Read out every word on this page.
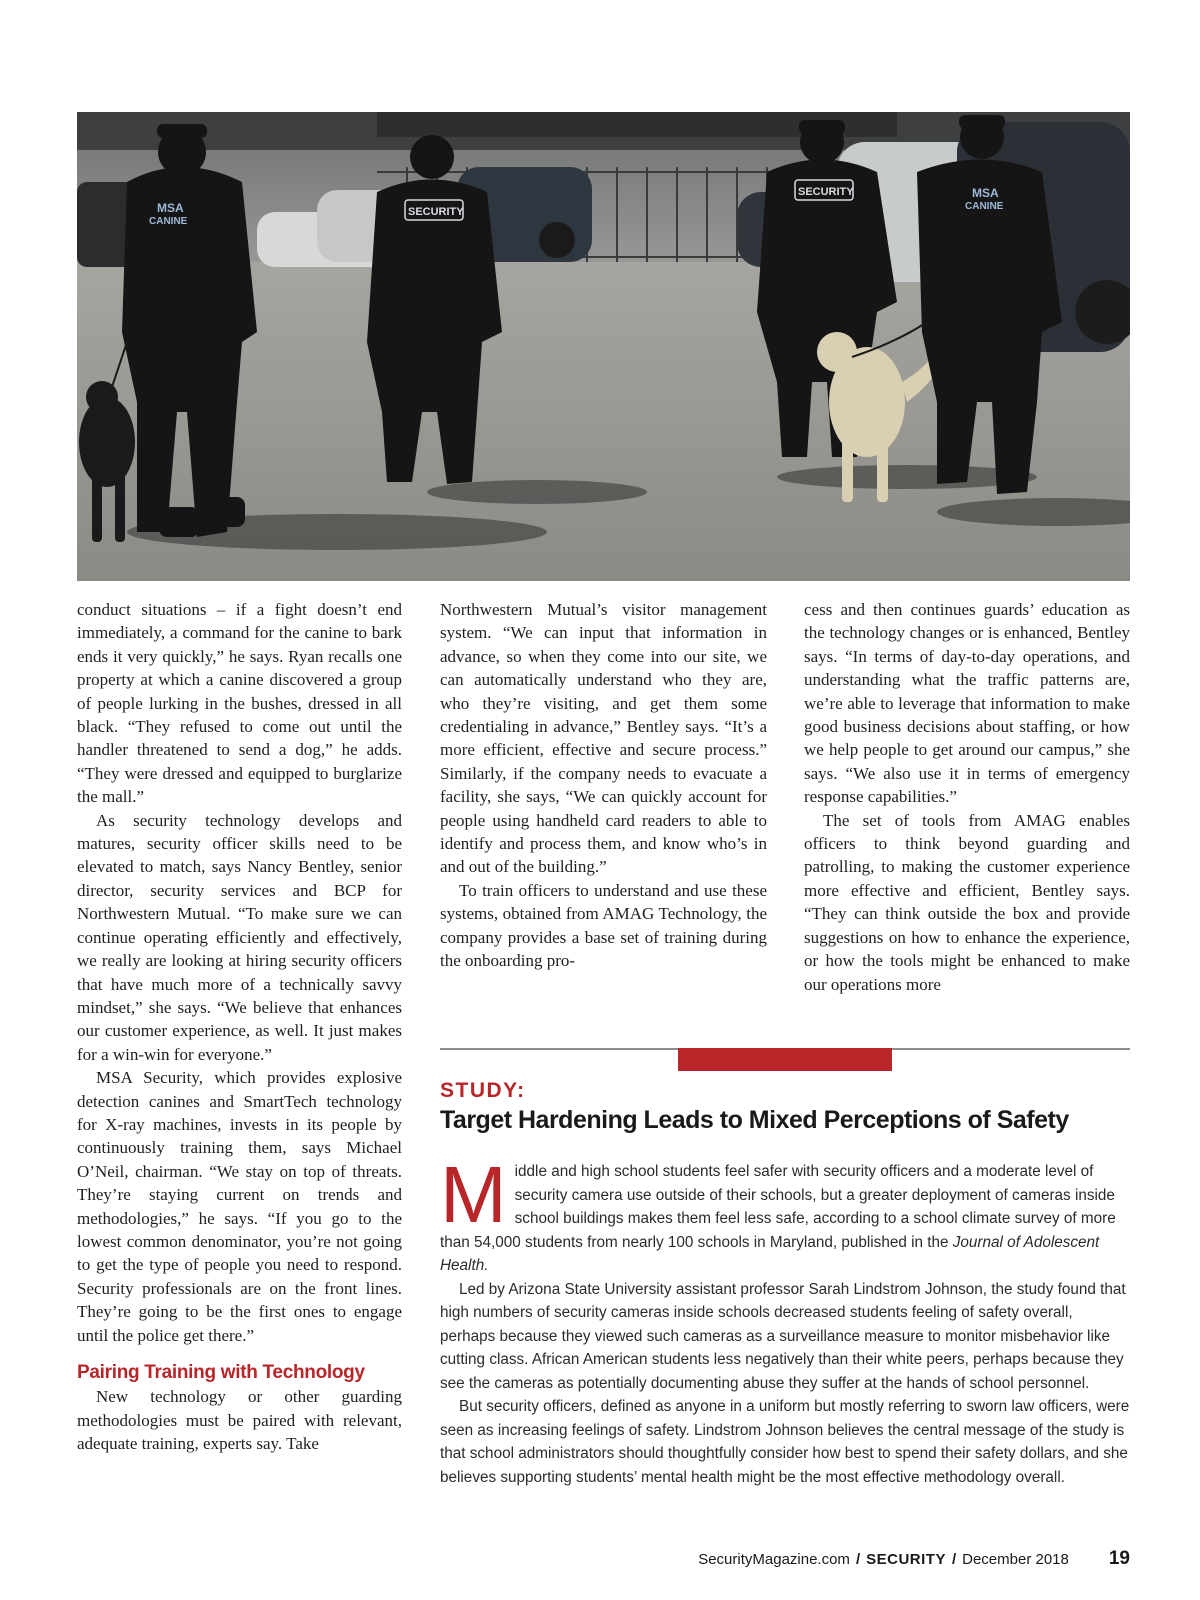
MSA
CANINE
SECURITY
SECURITY	MSA
CANINE

conduct situations – if a fight doesn’t end immediately, a command for the canine to bark ends it very quickly,” he says. Ryan recalls one property at which a canine discovered a group of people lurking in the bushes, dressed in all black. “They refused to come out until the handler threatened to send a dog,” he adds. “They were dressed and equipped to burglarize the mall.”

As security technology develops and matures, security officer skills need to be elevated to match, says Nancy Bentley, senior director, security services and BCP for Northwestern Mutual. “To make sure we can continue operating efficiently and effectively, we really are looking at hiring security officers that have much more of a technically savvy mindset,” she says. “We believe that enhances our customer experience, as well. It just makes for a win-win for everyone.”

MSA Security, which provides explosive detection canines and SmartTech technology for X-ray machines, invests in its people by continuously training them, says Michael O’Neil, chairman. “We stay on top of threats. They’re staying current on trends and methodologies,” he says. “If you go to the lowest common denominator, you’re not going to get the type of people you need to respond. Security professionals are on the front lines. They’re going to be the first ones to engage until the police get there.”

Pairing Training with Technology

New technology or other guarding methodologies must be paired with relevant, adequate training, experts say. Take

Northwestern Mutual’s visitor management system. “We can input that information in advance, so when they come into our site, we can automatically understand who they are, who they’re visiting, and get them some credentialing in advance,” Bentley says. “It’s a more efficient, effective and secure process.” Similarly, if the company needs to evacuate a facility, she says, “We can quickly account for people using handheld card readers to able to identify and process them, and know who’s in and out of the building.”

To train officers to understand and use these systems, obtained from AMAG Technology, the company provides a base set of training during the onboarding pro-

cess and then continues guards’ education as the technology changes or is enhanced, Bentley says. “In terms of day-to-day operations, and understanding what the traffic patterns are, we’re able to leverage that information to make good business decisions about staffing, or how we help people to get around our campus,” she says. “We also use it in terms of emergency response capabilities.”

The set of tools from AMAG enables officers to think beyond guarding and patrolling, to making the customer experience more effective and efficient, Bentley says. “They can think outside the box and provide suggestions on how to enhance the experience, or how the tools might be enhanced to make our operations more

STUDY:
Target Hardening Leads to Mixed Perceptions of Safety

Middle and high school students feel safer with security officers and a moderate level of security camera use outside of their schools, but a greater deployment of cameras inside school buildings makes them feel less safe, according to a school climate survey of more than 54,000 students from nearly 100 schools in Maryland, published in the Journal of Adolescent Health.

Led by Arizona State University assistant professor Sarah Lindstrom Johnson, the study found that high numbers of security cameras inside schools decreased students feeling of safety overall, perhaps because they viewed such cameras as a surveillance measure to monitor misbehavior like cutting class. African American students less negatively than their white peers, perhaps because they see the cameras as potentially documenting abuse they suffer at the hands of school personnel.

But security officers, defined as anyone in a uniform but mostly referring to sworn law officers, were seen as increasing feelings of safety. Lindstrom Johnson believes the central message of the study is that school administrators should thoughtfully consider how best to spend their safety dollars, and she believes supporting students’ mental health might be the most effective methodology overall.

SecurityMagazine.com / SECURITY / December 2018 19
